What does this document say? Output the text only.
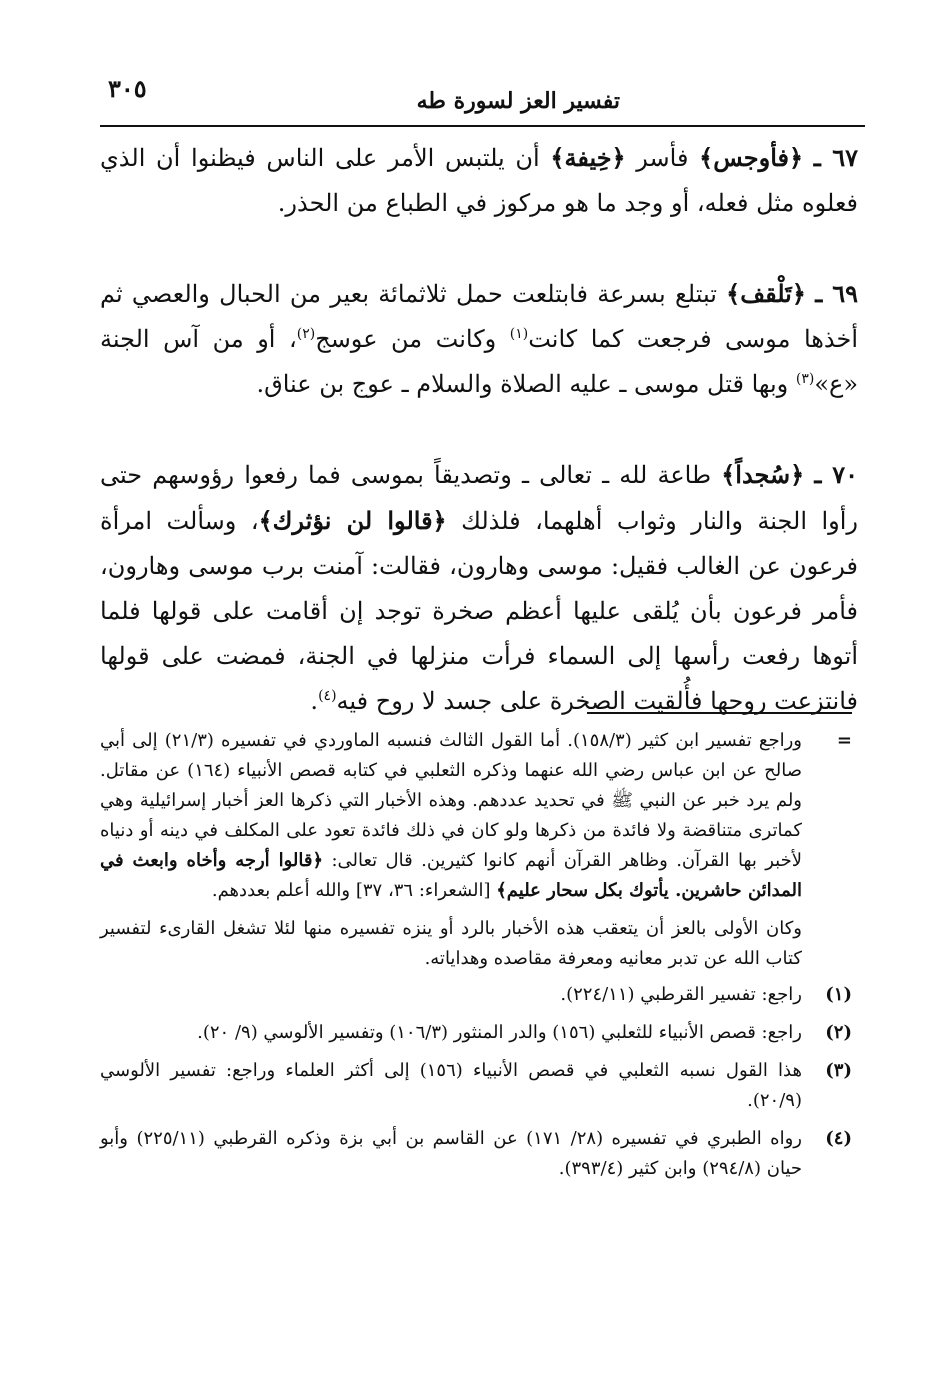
تفسير العز لسورة طه
٣٠٥

٦٧ ـ ﴿فأوجس﴾ فأسر ﴿خِيفة﴾ أن يلتبس الأمر على الناس فيظنوا أن الذي فعلوه مثل فعله، أو وجد ما هو مركوز في الطباع من الحذر.

٦٩ ـ ﴿تَلْقف﴾ تبتلع بسرعة فابتلعت حمل ثلاثمائة بعير من الحبال والعصي ثم أخذها موسى فرجعت كما كانت$^{(١)}$ وكانت من عوسج$^{(٢)}$، أو من آس الجنة «ع»$^{(٣)}$ وبها قتل موسى ـ عليه الصلاة والسلام ـ عوج بن عناق.

٧٠ ـ ﴿سُجداً﴾ طاعة لله ـ تعالى ـ وتصديقاً بموسى فما رفعوا رؤوسهم حتى رأوا الجنة والنار وثواب أهلهما، فلذلك ﴿قالوا لن نؤثرك﴾، وسألت امرأة فرعون عن الغالب فقيل: موسى وهارون، فقالت: آمنت برب موسى وهارون، فأمر فرعون بأن يُلقى عليها أعظم صخرة توجد إن أقامت على قولها فلما أتوها رفعت رأسها إلى السماء فرأت منزلها في الجنة، فمضت على قولها فانتزعت روحها فأُلقيت الصخرة على جسد لا روح فيه$^{(٤)}$.

=
وراجع تفسير ابن كثير (١٥٨/٣). أما القول الثالث فنسبه الماوردي في تفسيره (٢١/٣) إلى أبي صالح عن ابن عباس رضي الله عنهما وذكره الثعلبي في كتابه قصص الأنبياء (١٦٤) عن مقاتل. ولم يرد خبر عن النبي ﷺ في تحديد عددهم. وهذه الأخبار التي ذكرها العز أخبار إسرائيلية وهي كماترى متناقضة ولا فائدة من ذكرها ولو كان في ذلك فائدة تعود على المكلف في دينه أو دنياه لأخبر بها القرآن. وظاهر القرآن أنهم كانوا كثيرين. قال تعالى: ﴿قالوا أرجه وأخاه وابعث في المدائن حاشرين. يأتوك بكل سحار عليم﴾ [الشعراء: ٣٦، ٣٧] والله أعلم بعددهم.

وكان الأولى بالعز أن يتعقب هذه الأخبار بالرد أو ينزه تفسيره منها لئلا تشغل القارىء لتفسير كتاب الله عن تدبر معانيه ومعرفة مقاصده وهداياته.

(١)
راجع: تفسير القرطبي (٢٢٤/١١).
(٢)
راجع: قصص الأنبياء للثعلبي (١٥٦) والدر المنثور (١٠٦/٣) وتفسير الألوسي (٩/ ٢٠).
(٣)
هذا القول نسبه الثعلبي في قصص الأنبياء (١٥٦) إلى أكثر العلماء وراجع: تفسير الألوسي (٢٠/٩).
(٤)
رواه الطبري في تفسيره (٢٨/ ١٧١) عن القاسم بن أبي بزة وذكره القرطبي (٢٢٥/١١) وأبو حيان (٢٩٤/٨) وابن كثير (٣٩٣/٤).
